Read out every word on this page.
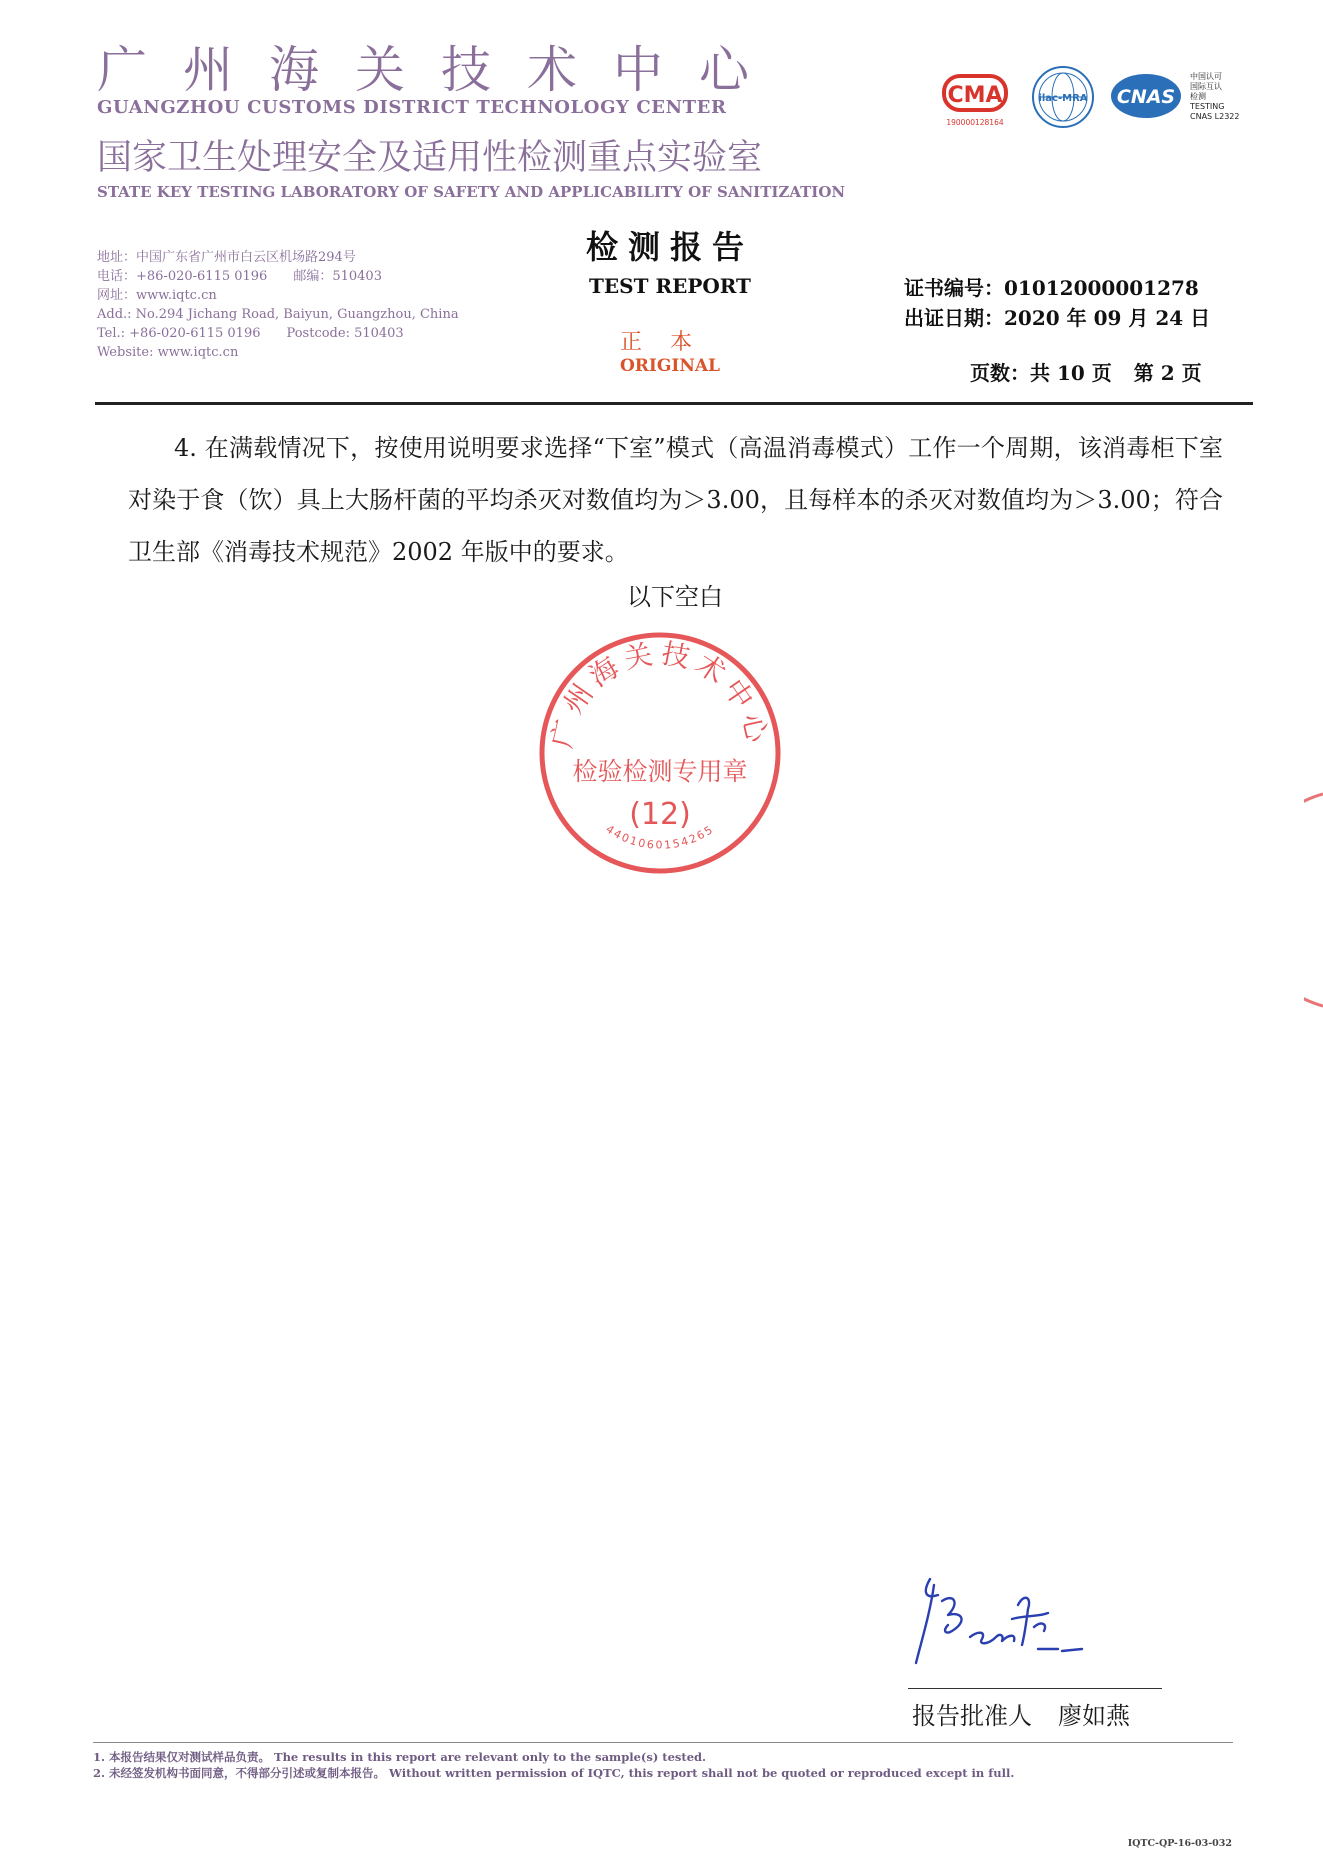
广州海关技术中心
GUANGZHOU CUSTOMS DISTRICT TECHNOLOGY CENTER
国家卫生处理安全及适用性检测重点实验室
STATE KEY TESTING LABORATORY OF SAFETY AND APPLICABILITY OF SANITIZATION
地址：中国广东省广州市白云区机场路294号
电话：+86-020-6115 0196 邮编：510403
网址：www.iqtc.cn
Add.: No.294 Jichang Road, Baiyun, Guangzhou, China
Tel.: +86-020-6115 0196 Postcode: 510403
Website: www.iqtc.cn
检测报告
TEST REPORT
正本
ORIGINAL
证书编号：01012000001278
出证日期：2020 年 09 月 24 日
页数：共 10 页 第 2 页
CMA
190000128164
ilac-MRA CNAS
中国认可
国际互认
检测
TESTING
CNAS L2322
4. 在满载情况下，按使用说明要求选择“下室”模式（高温消毒模式）工作一个周期，该消毒柜下室对染于食（饮）具上大肠杆菌的平均杀灭对数值均为＞3.00，且每样本的杀灭对数值均为＞3.00；符合卫生部《消毒技术规范》2002 年版中的要求。
以下空白
广州海关技术中心
检验检测专用章
(12)
4401060154265
报告批准人 廖如燕
1. 本报告结果仅对测试样品负责。 The results in this report are relevant only to the sample(s) tested.
2. 未经签发机构书面同意，不得部分引述或复制本报告。 Without written permission of IQTC, this report shall not be quoted or reproduced except in full.
IQTC-QP-16-03-032
